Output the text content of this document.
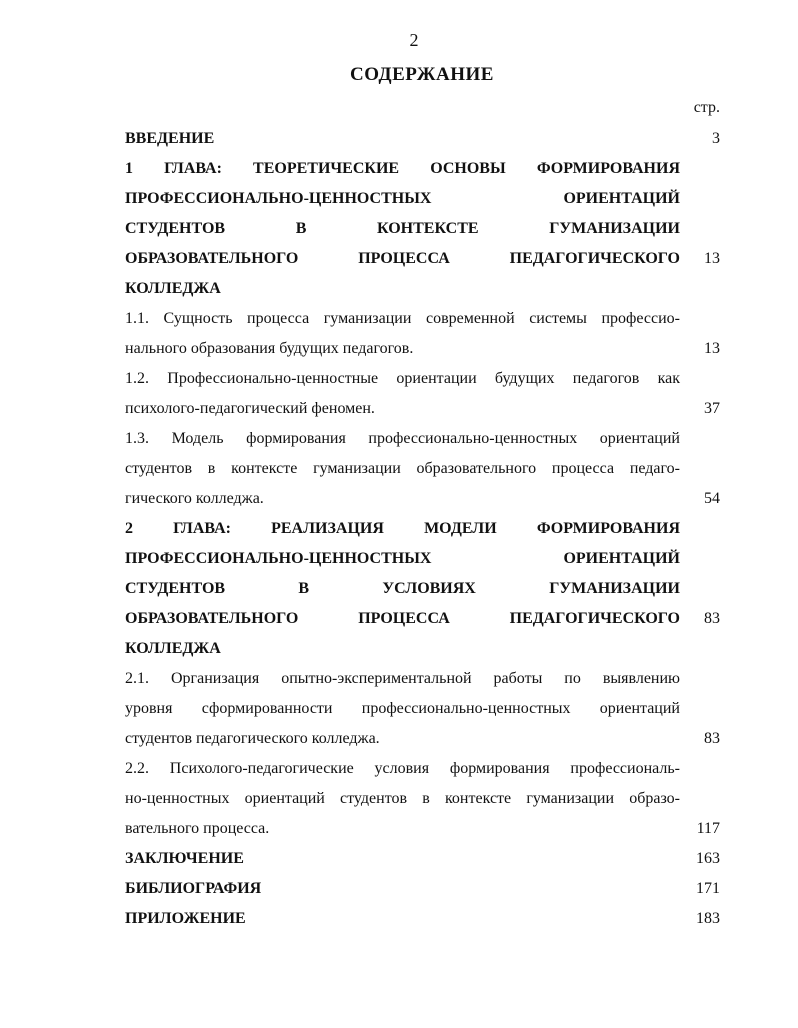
2
СОДЕРЖАНИЕ
стр.
ВВЕДЕНИЕ	3
1 ГЛАВА: ТЕОРЕТИЧЕСКИЕ ОСНОВЫ ФОРМИРОВАНИЯ
ПРОФЕССИОНАЛЬНО-ЦЕННОСТНЫХ ОРИЕНТАЦИЙ
СТУДЕНТОВ В КОНТЕКСТЕ ГУМАНИЗАЦИИ
ОБРАЗОВАТЕЛЬНОГО ПРОЦЕССА ПЕДАГОГИЧЕСКОГО	13
КОЛЛЕДЖА
1.1. Сущность процесса гуманизации современной системы профессио-
нального образования будущих педагогов.	13
1.2. Профессионально-ценностные ориентации будущих педагогов как
психолого-педагогический феномен.	37
1.3. Модель формирования профессионально-ценностных ориентаций
студентов в контексте гуманизации образовательного процесса педаго-
гического колледжа.	54
2 ГЛАВА: РЕАЛИЗАЦИЯ МОДЕЛИ ФОРМИРОВАНИЯ
ПРОФЕССИОНАЛЬНО-ЦЕННОСТНЫХ ОРИЕНТАЦИЙ
СТУДЕНТОВ В УСЛОВИЯХ ГУМАНИЗАЦИИ
ОБРАЗОВАТЕЛЬНОГО ПРОЦЕССА ПЕДАГОГИЧЕСКОГО	83
КОЛЛЕДЖА
2.1. Организация опытно-экспериментальной работы по выявлению
уровня сформированности профессионально-ценностных ориентаций
студентов педагогического колледжа.	83
2.2. Психолого-педагогические условия формирования профессиональ-
но-ценностных ориентаций студентов в контексте гуманизации образо-
вательного процесса.	117
ЗАКЛЮЧЕНИЕ	163
БИБЛИОГРАФИЯ	171
ПРИЛОЖЕНИЕ	183
